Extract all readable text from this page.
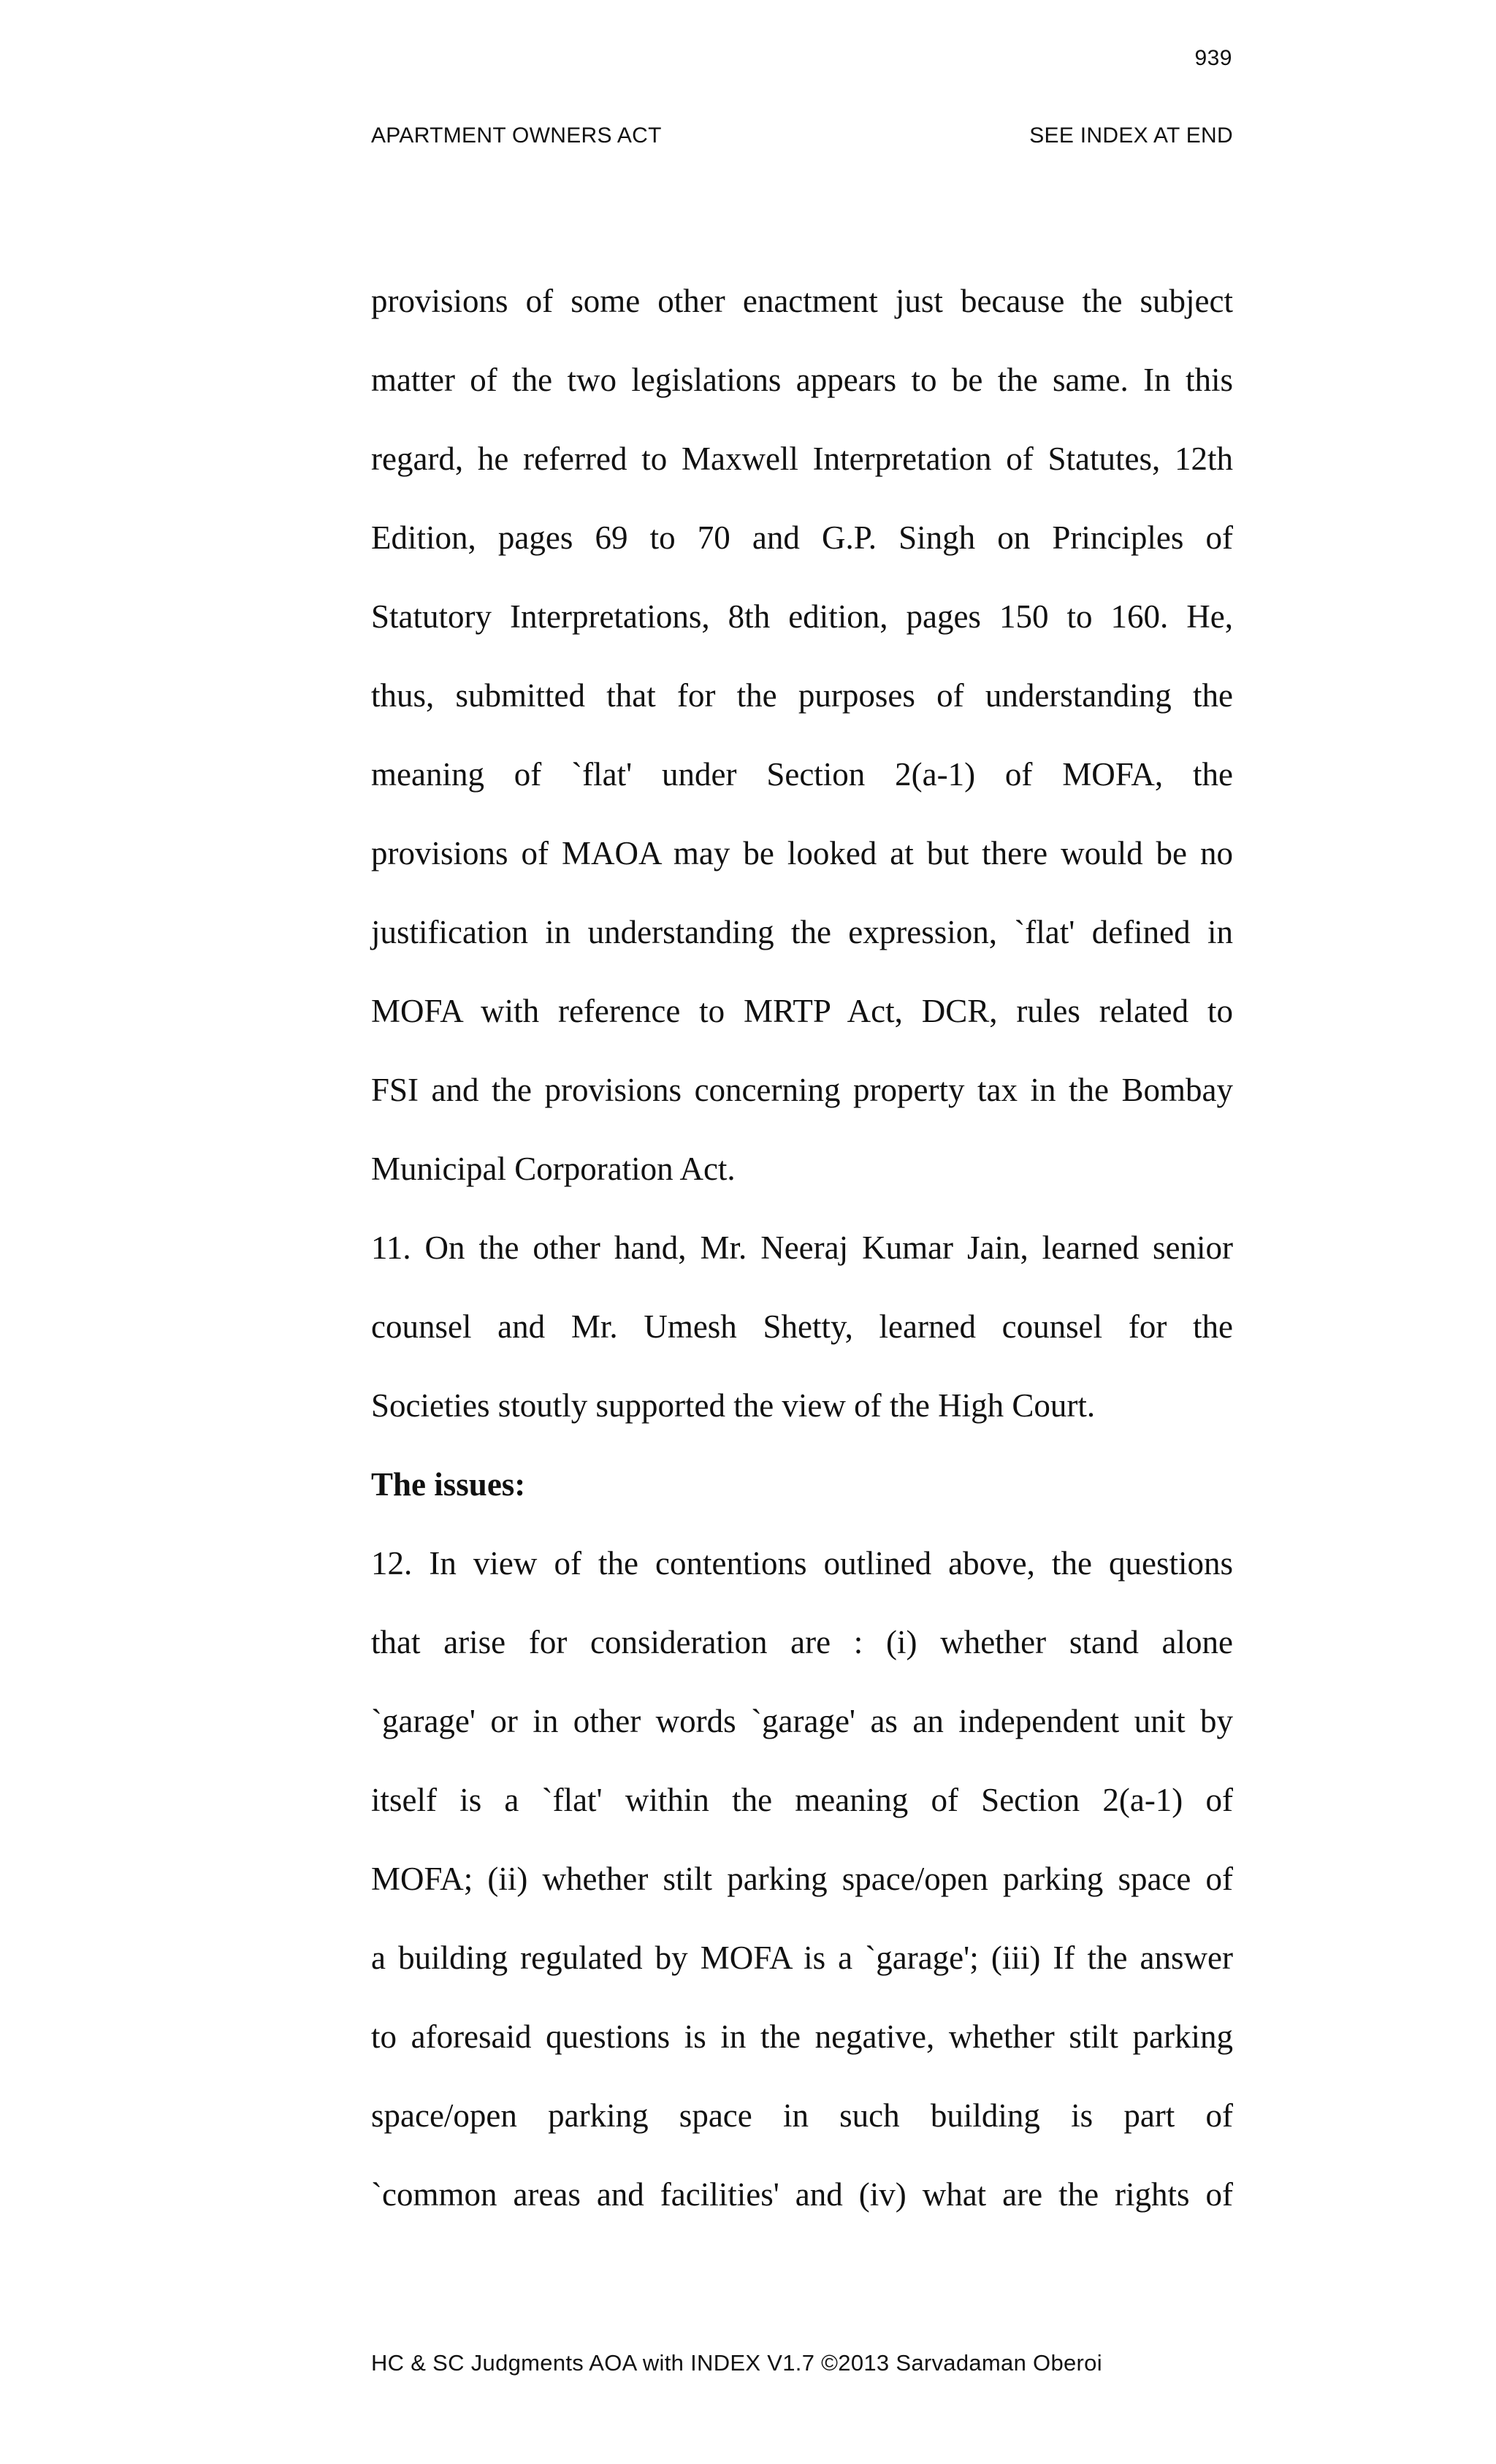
939
APARTMENT OWNERS ACT	SEE INDEX AT END
provisions of some other enactment just because the subject
matter of the two legislations appears to be the same. In this
regard, he referred to Maxwell Interpretation of Statutes, 12th
Edition, pages 69 to 70 and G.P. Singh on Principles of
Statutory Interpretations, 8th edition, pages 150 to 160. He,
thus, submitted that for the purposes of understanding the
meaning of `flat' under Section 2(a-1) of MOFA, the
provisions of MAOA may be looked at but there would be no
justification in understanding the expression, `flat' defined in
MOFA with reference to MRTP Act, DCR, rules related to
FSI and the provisions concerning property tax in the Bombay
Municipal Corporation Act.
11. On the other hand, Mr. Neeraj Kumar Jain, learned senior
counsel and Mr. Umesh Shetty, learned counsel for the
Societies stoutly supported the view of the High Court.
The issues:
12. In view of the contentions outlined above, the questions
that arise for consideration are : (i) whether stand alone
`garage' or in other words `garage' as an independent unit by
itself is a `flat' within the meaning of Section 2(a-1) of
MOFA; (ii) whether stilt parking space/open parking space of
a building regulated by MOFA is a `garage'; (iii) If the answer
to aforesaid questions is in the negative, whether stilt parking
space/open parking space in such building is part of
`common areas and facilities' and (iv) what are the rights of
HC & SC Judgments AOA with INDEX V1.7 ©2013 Sarvadaman Oberoi
